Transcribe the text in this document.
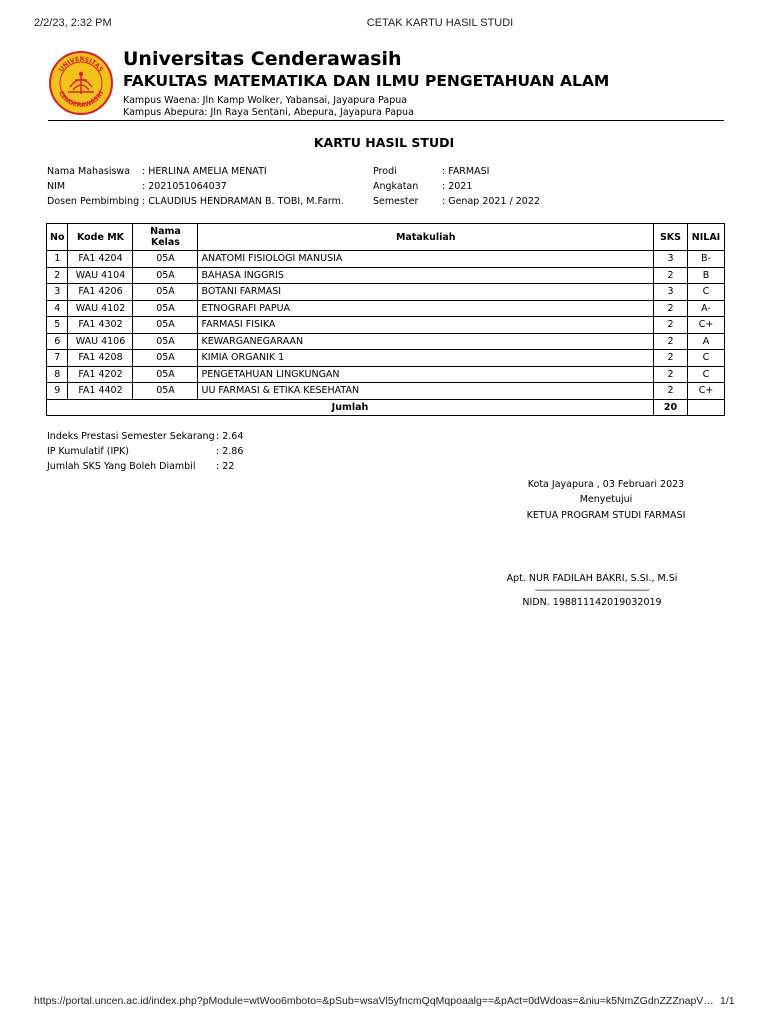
2/2/23, 2:32 PM	CETAK KARTU HASIL STUDI
UNIVERSITAS
CENDERAWASIH
Universitas Cenderawasih
FAKULTAS MATEMATIKA DAN ILMU PENGETAHUAN ALAM
Kampus Waena: Jln Kamp Wolker, Yabansai, Jayapura Papua
Kampus Abepura: Jln Raya Sentani, Abepura, Jayapura Papua
KARTU HASIL STUDI
Nama Mahasiswa : HERLINA AMELIA MENATI
NIM	: 2021051064037
Dosen Pembimbing : CLAUDIUS HENDRAMAN B. TOBI, M.Farm.
Prodi	: FARMASI
Angkatan : 2021
Semester : Genap 2021 / 2022
No	Kode MK	Nama Kelas	Matakuliah	SKS	NILAI
1	FA1 4204	05A	ANATOMI FISIOLOGI MANUSIA	3	B-
2	WAU 4104	05A	BAHASA INGGRIS	2	B
3	FA1 4206	05A	BOTANI FARMASI	3	C
4	WAU 4102	05A	ETNOGRAFI PAPUA	2	A-
5	FA1 4302	05A	FARMASI FISIKA	2	C+
6	WAU 4106	05A	KEWARGANEGARAAN	2	A
7	FA1 4208	05A	KIMIA ORGANIK 1	2	C
8	FA1 4202	05A	PENGETAHUAN LINGKUNGAN	2	C
9	FA1 4402	05A	UU FARMASI & ETIKA KESEHATAN	2	C+
Jumlah				20	
Indeks Prestasi Semester Sekarang : 2.64
IP Kumulatif (IPK)	: 2.86
Jumlah SKS Yang Boleh Diambil : 22
Kota Jayapura , 03 Februari 2023
Menyetujui
KETUA PROGRAM STUDI FARMASI
Apt. NUR FADILAH BAKRI, S.SI., M.Si
---------------------------------------
NIDN. 198811142019032019
https://portal.uncen.ac.id/index.php?pModule=wtWoo6mboto=&pSub=wsaVl5yfncmQqMqpoaalg==&pAct=0dWdoas=&niu=k5NmZGdnZZZnapV… 1/1
